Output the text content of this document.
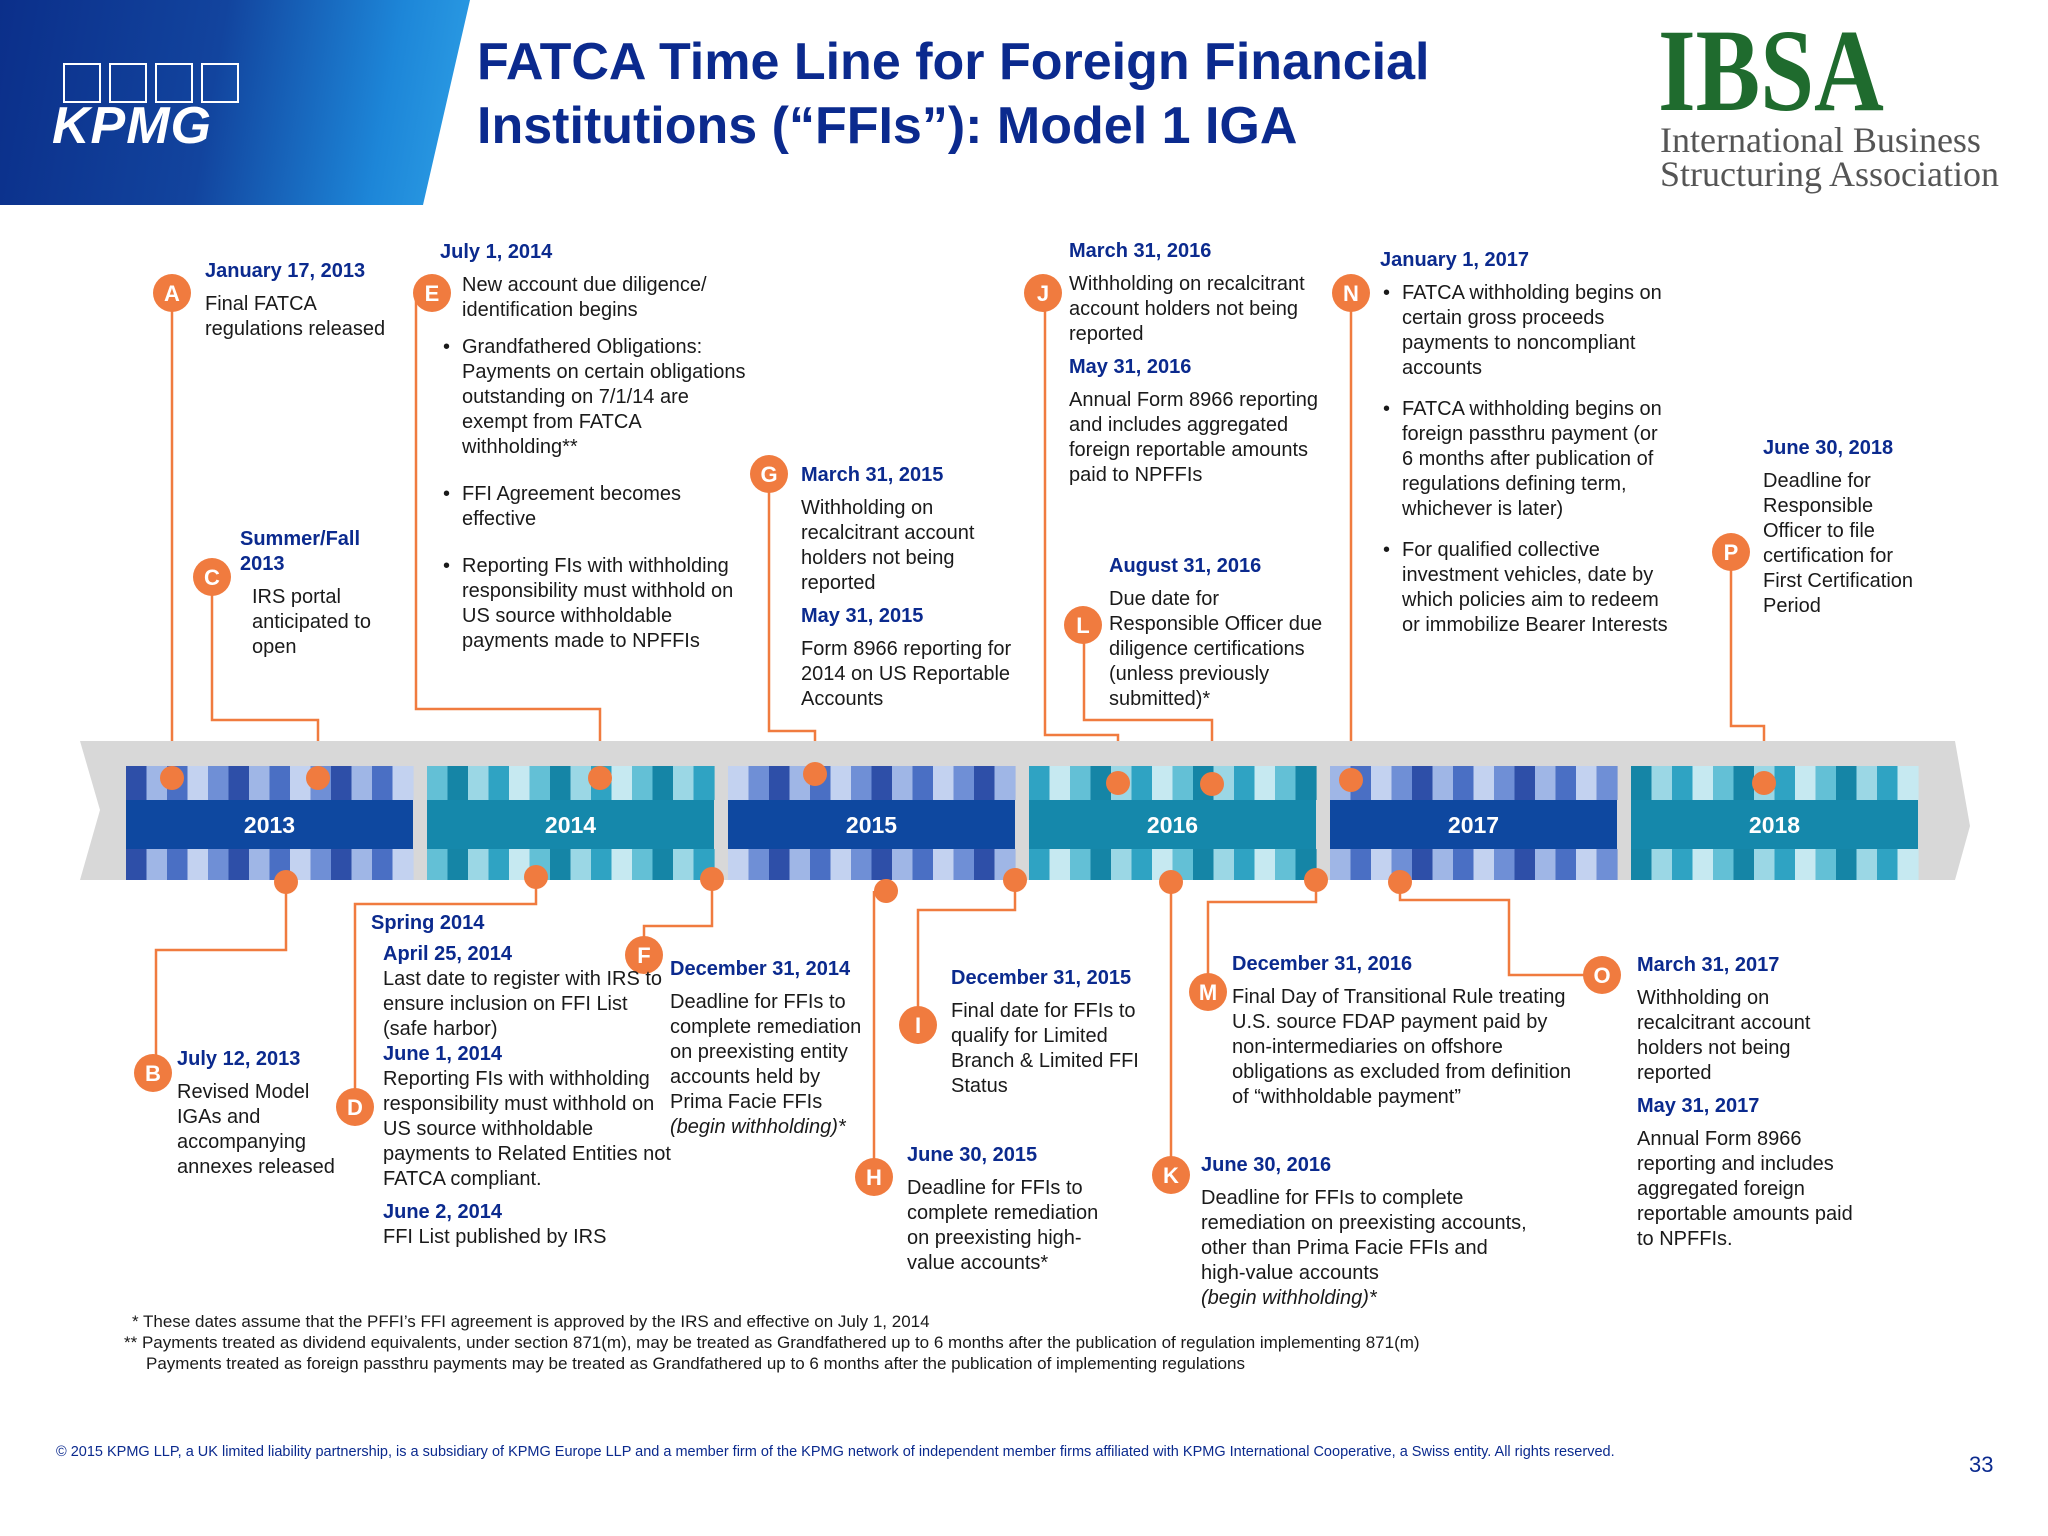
KPMG
FATCA Time Line for Foreign Financial Institutions (“FFIs”): Model 1 IGA	IBSA
International Business
Structuring Association
2013	2014	2015	2016	2017	2018
A
B
C
D
E
F
G
H
I
J
K
L
M
N
O
P

January 17, 2013

Final FATCA regulations released

Summer/Fall 2013

IRS portal anticipated to open

July 1, 2014

New account due diligence/ identification begins

• Grandfathered Obligations: Payments on certain obligations outstanding on 7/1/14 are exempt from FATCA withholding**

• FFI Agreement becomes effective

• Reporting FIs with withholding responsibility must withhold on US source withholdable payments made to NPFFIs

March 31, 2015

Withholding on recalcitrant account holders not being reported

May 31, 2015

Form 8966 reporting for 2014 on US Reportable Accounts

March 31, 2016

Withholding on recalcitrant account holders not being reported

May 31, 2016

Annual Form 8966 reporting and includes aggregated foreign reportable amounts paid to NPFFIs

August 31, 2016

Due date for Responsible Officer due diligence certifications (unless previously submitted)*

January 1, 2017

• FATCA withholding begins on certain gross proceeds payments to noncompliant accounts

• FATCA withholding begins on foreign passthru payment (or 6 months after publication of regulations defining term, whichever is later)

• For qualified collective investment vehicles, date by which policies aim to redeem or immobilize Bearer Interests

June 30, 2018

Deadline for Responsible Officer to file certification for First Certification Period

July 12, 2013

Revised Model IGAs and accompanying annexes released

Spring 2014

April 25, 2014

Last date to register with IRS to ensure inclusion on FFI List (safe harbor)

June 1, 2014

Reporting FIs with withholding responsibility must withhold on US source withholdable payments to Related Entities not FATCA compliant.

June 2, 2014

FFI List published by IRS

December 31, 2014

Deadline for FFIs to complete remediation on preexisting entity accounts held by Prima Facie FFIs

(begin withholding)*

June 30, 2015

Deadline for FFIs to complete remediation on preexisting high-value accounts*

December 31, 2015

Final date for FFIs to qualify for Limited Branch & Limited FFI Status

June 30, 2016

Deadline for FFIs to complete remediation on preexisting accounts, other than Prima Facie FFIs and high-value accounts

(begin withholding)*

December 31, 2016

Final Day of Transitional Rule treating U.S. source FDAP payment paid by non-intermediaries on offshore obligations as excluded from definition of “withholdable payment”

March 31, 2017

Withholding on recalcitrant account holders not being reported

May 31, 2017

Annual Form 8966 reporting and includes aggregated foreign reportable amounts paid to NPFFIs.

* These dates assume that the PFFI’s FFI agreement is approved by the IRS and effective on July 1, 2014

** Payments treated as dividend equivalents, under section 871(m), may be treated as Grandfathered up to 6 months after the publication of regulation implementing 871(m)

Payments treated as foreign passthru payments may be treated as Grandfathered up to 6 months after the publication of implementing regulations

© 2015 KPMG LLP, a UK limited liability partnership, is a subsidiary of KPMG Europe LLP and a member firm of the KPMG network of independent member firms affiliated with KPMG International Cooperative, a Swiss entity. All rights reserved.	33
